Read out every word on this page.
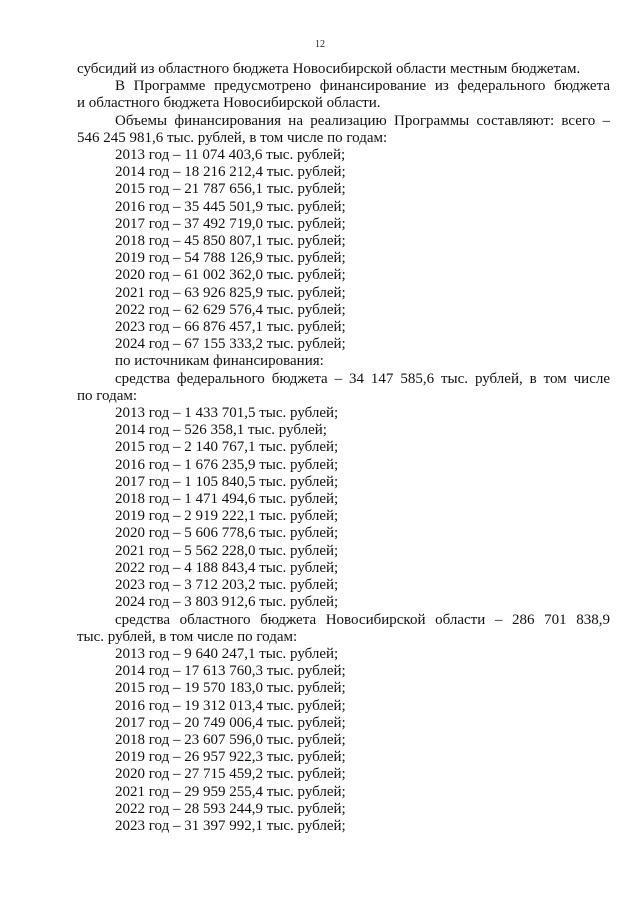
12

субсидий из областного бюджета Новосибирской области местным бюджетам.

В Программе предусмотрено финансирование из федерального бюджета

и областного бюджета Новосибирской области.

Объемы финансирования на реализацию Программы составляют: всего –

546 245 981,6 тыс. рублей, в том числе по годам:

2013 год – 11 074 403,6 тыс. рублей;

2014 год – 18 216 212,4 тыс. рублей;

2015 год – 21 787 656,1 тыс. рублей;

2016 год – 35 445 501,9 тыс. рублей;

2017 год – 37 492 719,0 тыс. рублей;

2018 год – 45 850 807,1 тыс. рублей;

2019 год – 54 788 126,9 тыс. рублей;

2020 год – 61 002 362,0 тыс. рублей;

2021 год – 63 926 825,9 тыс. рублей;

2022 год – 62 629 576,4 тыс. рублей;

2023 год – 66 876 457,1 тыс. рублей;

2024 год – 67 155 333,2 тыс. рублей;

по источникам финансирования:

средства федерального бюджета – 34 147 585,6 тыс. рублей, в том числе

по годам:

2013 год – 1 433 701,5 тыс. рублей;

2014 год – 526 358,1 тыс. рублей;

2015 год – 2 140 767,1 тыс. рублей;

2016 год – 1 676 235,9 тыс. рублей;

2017 год – 1 105 840,5 тыс. рублей;

2018 год – 1 471 494,6 тыс. рублей;

2019 год – 2 919 222,1 тыс. рублей;

2020 год – 5 606 778,6 тыс. рублей;

2021 год – 5 562 228,0 тыс. рублей;

2022 год – 4 188 843,4 тыс. рублей;

2023 год – 3 712 203,2 тыс. рублей;

2024 год – 3 803 912,6 тыс. рублей;

средства областного бюджета Новосибирской области – 286 701 838,9

тыс. рублей, в том числе по годам:

2013 год – 9 640 247,1 тыс. рублей;

2014 год – 17 613 760,3 тыс. рублей;

2015 год – 19 570 183,0 тыс. рублей;

2016 год – 19 312 013,4 тыс. рублей;

2017 год – 20 749 006,4 тыс. рублей;

2018 год – 23 607 596,0 тыс. рублей;

2019 год – 26 957 922,3 тыс. рублей;

2020 год – 27 715 459,2 тыс. рублей;

2021 год – 29 959 255,4 тыс. рублей;

2022 год – 28 593 244,9 тыс. рублей;

2023 год – 31 397 992,1 тыс. рублей;
